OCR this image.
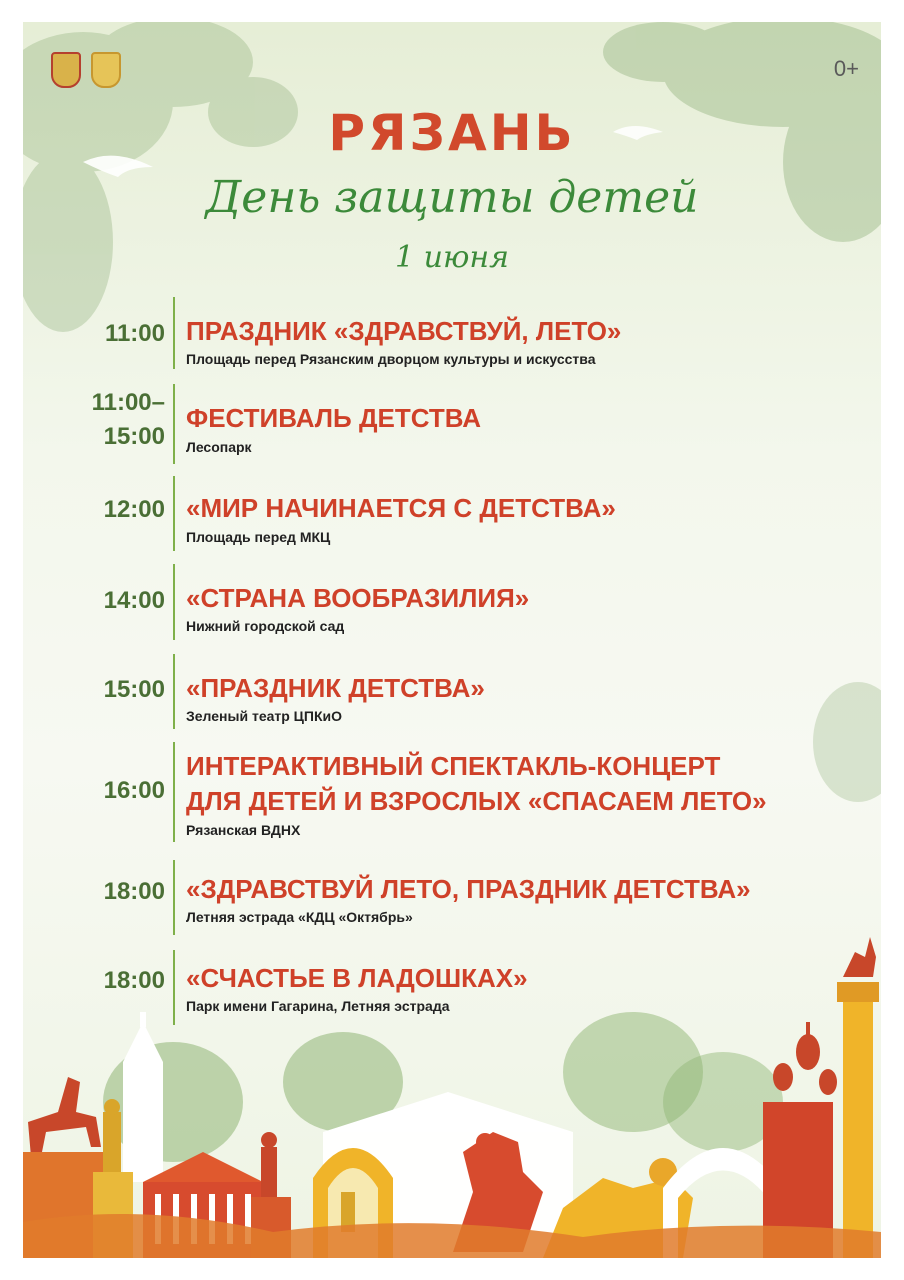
0+
РЯЗАНЬ
День защиты детей
1 июня
11:00 ПРАЗДНИК «ЗДРАВСТВУЙ, ЛЕТО»
Площадь перед Рязанским дворцом культуры и искусства
11:00–
15:00
ФЕСТИВАЛЬ ДЕТСТВА
Лесопарк
12:00 «МИР НАЧИНАЕТСЯ С ДЕТСТВА»
Площадь перед МКЦ
14:00 «СТРАНА ВООБРАЗИЛИЯ»
Нижний городской сад
15:00 «ПРАЗДНИК ДЕТСТВА»
Зеленый театр ЦПКиО
16:00
ИНТЕРАКТИВНЫЙ СПЕКТАКЛЬ-КОНЦЕРТ
ДЛЯ ДЕТЕЙ И ВЗРОСЛЫХ «СПАСАЕМ ЛЕТО»
Рязанская ВДНХ
18:00 «ЗДРАВСТВУЙ ЛЕТО, ПРАЗДНИК ДЕТСТВА»
Летняя эстрада «КДЦ «Октябрь»
18:00 «СЧАСТЬЕ В ЛАДОШКАХ»
Парк имени Гагарина, Летняя эстрада
